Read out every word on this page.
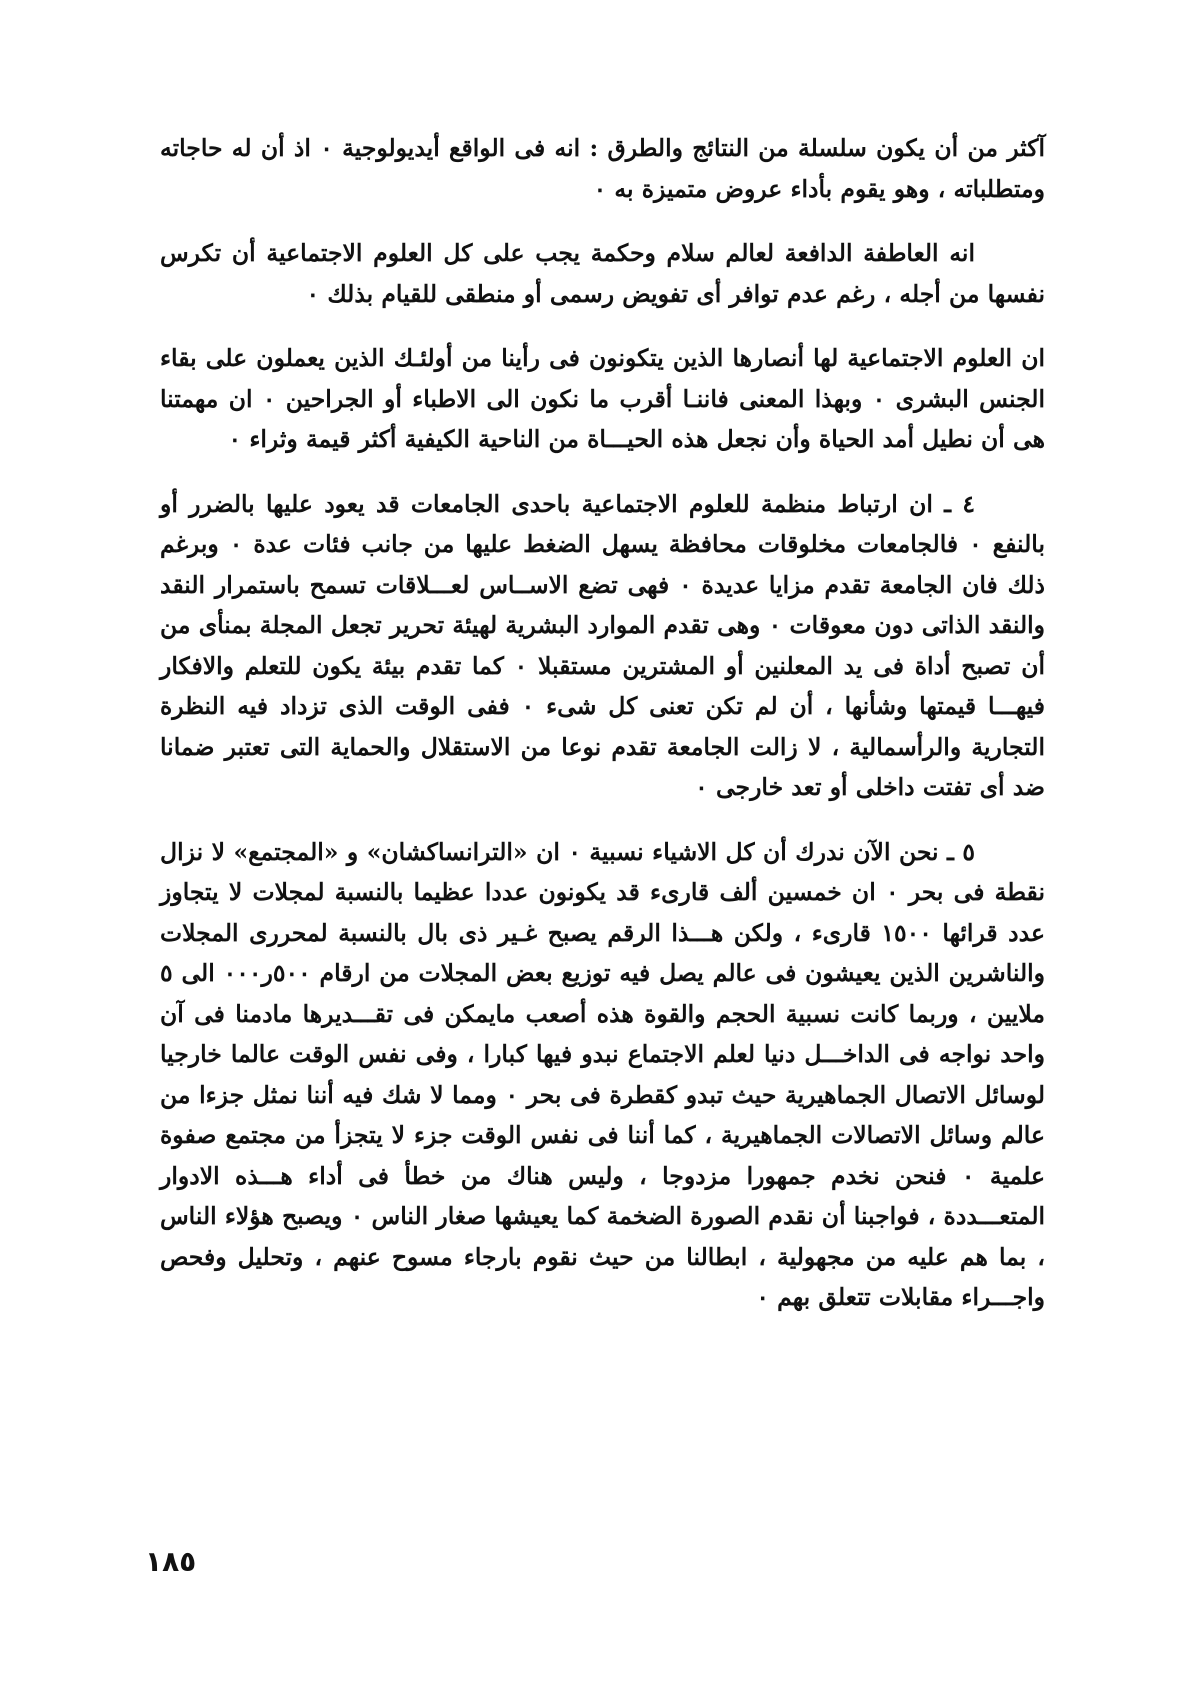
آكثر من أن يكون سلسلة من النتائج والطرق : انه فى الواقع أيديولوجية ٠ اذ أن له حاجاته ومتطلباته ، وهو يقوم بأداء عروض متميزة به ٠

انه العاطفة الدافعة لعالم سلام وحكمة يجب على كل العلوم الاجتماعية أن تكرس نفسها من أجله ، رغم عدم توافر أى تفويض رسمى أو منطقى للقيام بذلك ٠

ان العلوم الاجتماعية لها أنصارها الذين يتكونون فى رأينا من أولئـك الذين يعملون على بقاء الجنس البشرى ٠ وبهذا المعنى فاننـا أقرب ما نكون الى الاطباء أو الجراحين ٠ ان مهمتنا هى أن نطيل أمد الحياة وأن نجعل هذه الحيـــاة من الناحية الكيفية أكثر قيمة وثراء ٠

٤ ـ ان ارتباط منظمة للعلوم الاجتماعية باحدى الجامعات قد يعود عليها بالضرر أو بالنفع ٠ فالجامعات مخلوقات محافظة يسهل الضغط عليها من جانب فئات عدة ٠ وبرغم ذلك فان الجامعة تقدم مزايا عديدة ٠ فهى تضع الاســاس لعـــلاقات تسمح باستمرار النقد والنقد الذاتى دون معوقات ٠ وهى تقدم الموارد البشرية لهيئة تحرير تجعل المجلة بمنأى من أن تصبح أداة فى يد المعلنين أو المشترين مستقبلا ٠ كما تقدم بيئة يكون للتعلم والافكار فيهـــا قيمتها وشأنها ، أن لم تكن تعنى كل شىء ٠ ففى الوقت الذى تزداد فيه النظرة التجارية والرأسمالية ، لا زالت الجامعة تقدم نوعا من الاستقلال والحماية التى تعتبر ضمانا ضد أى تفتت داخلى أو تعد خارجى ٠

٥ ـ نحن الآن ندرك أن كل الاشياء نسبية ٠ ان «الترانساكشان» و «المجتمع» لا نزال نقطة فى بحر ٠ ان خمسين ألف قارىء قد يكونون عددا عظيما بالنسبة لمجلات لا يتجاوز عدد قرائها ١٥٠٠ قارىء ، ولكن هـــذا الرقم يصبح غـير ذى بال بالنسبة لمحررى المجلات والناشرين الذين يعيشون فى عالم يصل فيه توزيع بعض المجلات من ارقام ٥٠٠ر٠٠٠ الى ٥ ملايين ، وربما كانت نسبية الحجم والقوة هذه أصعب مايمكن فى تقـــديرها مادمنا فى آن واحد نواجه فى الداخـــل دنيا لعلم الاجتماع نبدو فيها كبارا ، وفى نفس الوقت عالما خارجيا لوسائل الاتصال الجماهيرية حيث تبدو كقطرة فى بحر ٠ ومما لا شك فيه أننا نمثل جزءا من عالم وسائل الاتصالات الجماهيرية ، كما أننا فى نفس الوقت جزء لا يتجزأ من مجتمع صفوة علمية ٠ فنحن نخدم جمهورا مزدوجا ، وليس هناك من خطأ فى أداء هـــذه الادوار المتعـــددة ، فواجبنا أن نقدم الصورة الضخمة كما يعيشها صغار الناس ٠ ويصبح هؤلاء الناس ، بما هم عليه من مجهولية ، ابطالنا من حيث نقوم بارجاء مسوح عنهم ، وتحليل وفحص واجـــراء مقابلات تتعلق بهم ٠

١٨٥
